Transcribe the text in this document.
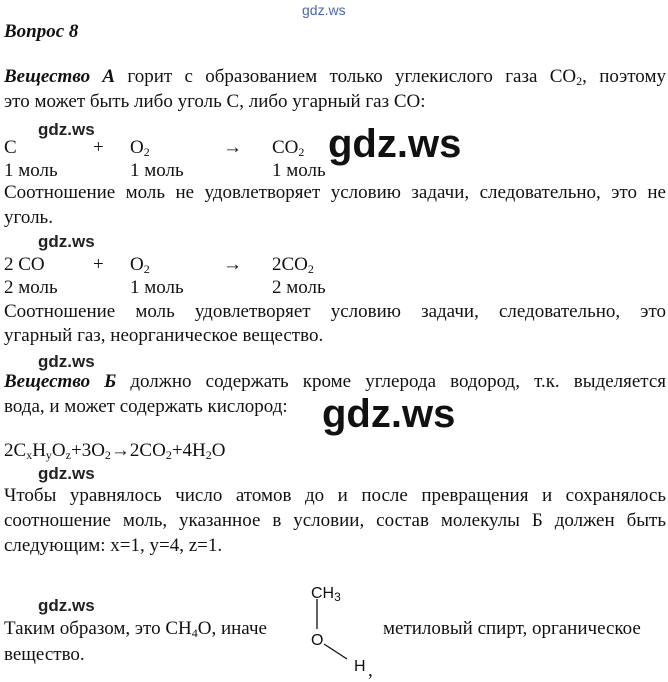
gdz.ws
gdz.ws
gdz.ws
gdz.ws
gdz.ws
gdz.ws
gdz.ws
gdz.ws
Вопрос 8
Вещество А горит с образованием только углекислого газа $CO_2$, поэтому
это может быть либо уголь С, либо угарный газ CO:
C	+ $O_2$	→ $CO_2$
1 моль	1 моль	1 моль
Соотношение моль не удовлетворяет условию задачи, следовательно, это не
уголь.
2 CO	+ $O_2$	→ $2CO_2$
2 моль	1 моль	2 моль
Соотношение моль удовлетворяет условию задачи, следовательно, это
угарный газ, неорганическое вещество.
Вещество Б должно содержать кроме углерода водород, т.к. выделяется
вода, и может содержать кислород:
$2C_xH_yO_z+3O_2\to 2CO_2+4H_2O$
Чтобы уравнялось число атомов до и после превращения и сохранялось
соотношение моль, указанное в условии, состав молекулы Б должен быть
следующим: x=1, y=4, z=1.
Таким образом, это $CH_4O$, иначе	метиловый спирт, органическое
вещество.
$CH_3$
O
H ,
